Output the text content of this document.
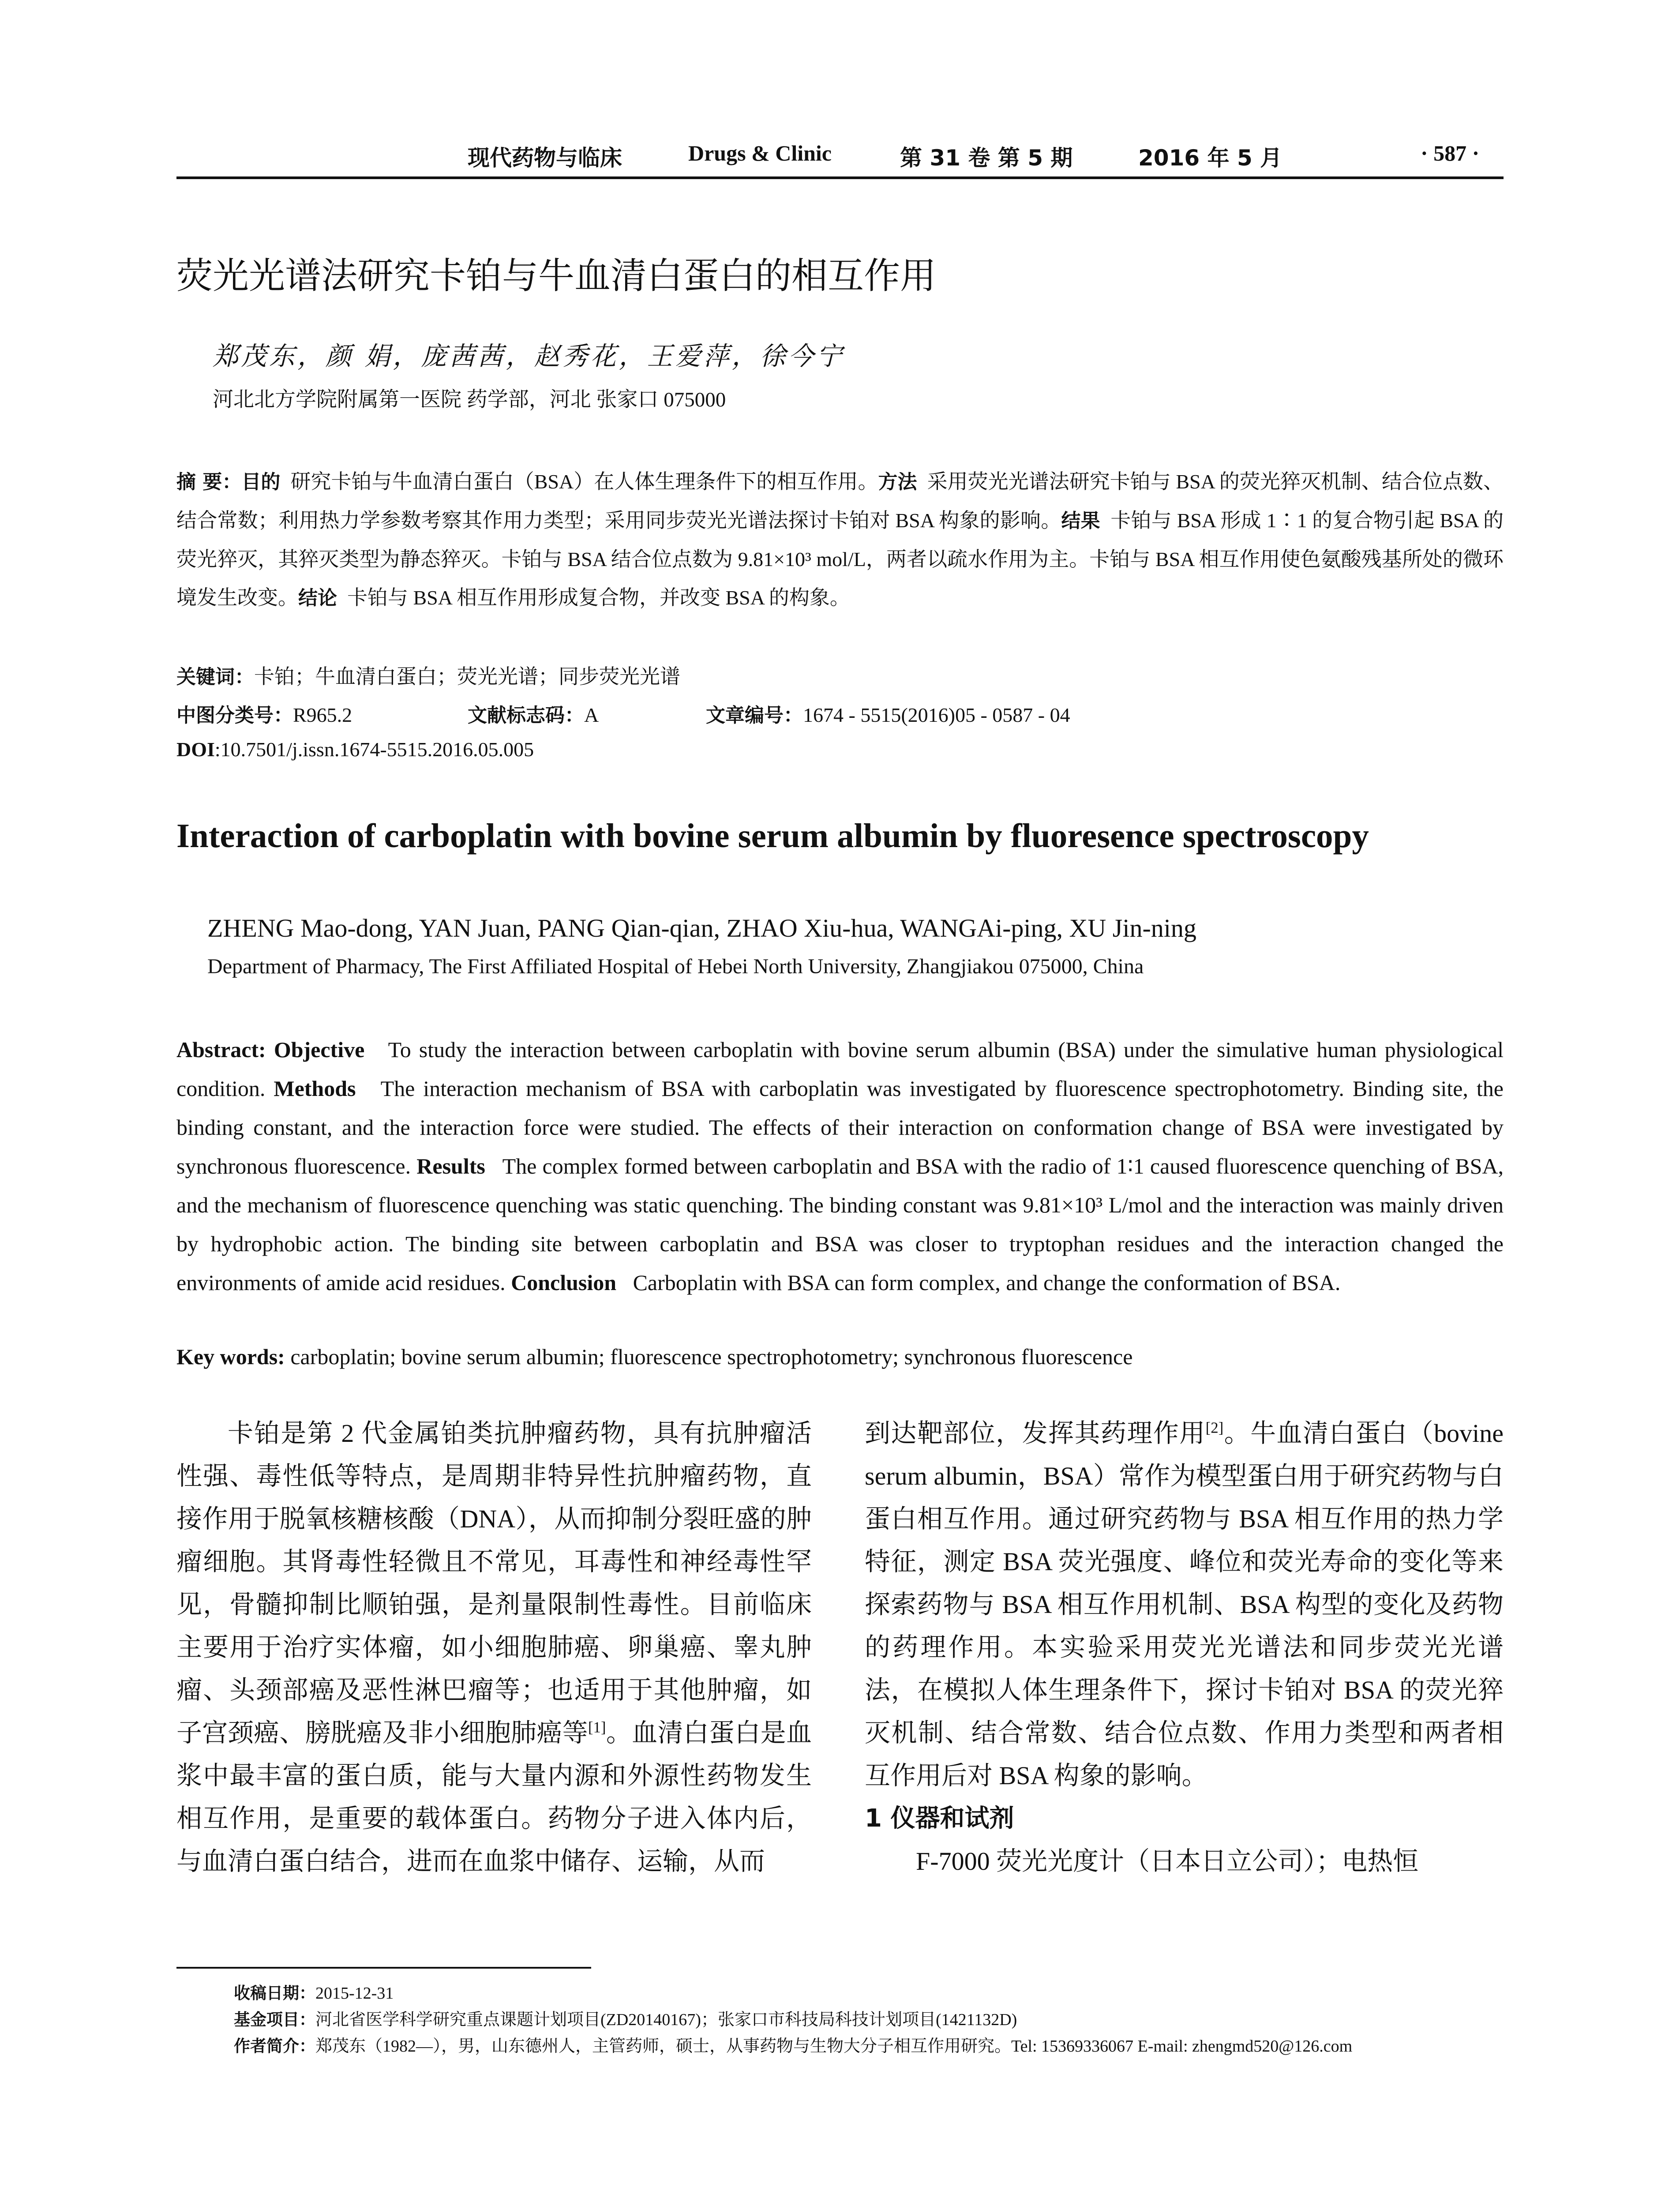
现代药物与临床	Drugs & Clinic	第 31 卷 第 5 期	2016 年 5 月	· 587 ·
荧光光谱法研究卡铂与牛血清白蛋白的相互作用
郑茂东，颜 娟，庞茜茜，赵秀花，王爱萍，徐今宁
河北北方学院附属第一医院 药学部，河北 张家口 075000
摘 要：目的 研究卡铂与牛血清白蛋白（BSA）在人体生理条件下的相互作用。方法 采用荧光光谱法研究卡铂与 BSA 的荧光猝灭机制、结合位点数、结合常数；利用热力学参数考察其作用力类型；采用同步荧光光谱法探讨卡铂对 BSA 构象的影响。结果 卡铂与 BSA 形成 1∶1 的复合物引起 BSA 的荧光猝灭，其猝灭类型为静态猝灭。卡铂与 BSA 结合位点数为 9.81×10³ mol/L，两者以疏水作用为主。卡铂与 BSA 相互作用使色氨酸残基所处的微环境发生改变。结论 卡铂与 BSA 相互作用形成复合物，并改变 BSA 的构象。
关键词：卡铂；牛血清白蛋白；荧光光谱；同步荧光光谱
中图分类号：R965.2	文献标志码：A	文章编号：1674 - 5515(2016)05 - 0587 - 04
DOI:10.7501/j.issn.1674-5515.2016.05.005
Interaction of carboplatin with bovine serum albumin by fluoresence spectroscopy
ZHENG Mao-dong, YAN Juan, PANG Qian-qian, ZHAO Xiu-hua, WANGAi-ping, XU Jin-ning
Department of Pharmacy, The First Affiliated Hospital of Hebei North University, Zhangjiakou 075000, China
Abstract: Objective To study the interaction between carboplatin with bovine serum albumin (BSA) under the simulative human physiological condition. Methods The interaction mechanism of BSA with carboplatin was investigated by fluorescence spectrophotometry. Binding site, the binding constant, and the interaction force were studied. The effects of their interaction on conformation change of BSA were investigated by synchronous fluorescence. Results The complex formed between carboplatin and BSA with the radio of 1∶1 caused fluorescence quenching of BSA, and the mechanism of fluorescence quenching was static quenching. The binding constant was 9.81×10³ L/mol and the interaction was mainly driven by hydrophobic action. The binding site between carboplatin and BSA was closer to tryptophan residues and the interaction changed the environments of amide acid residues. Conclusion Carboplatin with BSA can form complex, and change the conformation of BSA.
Key words: carboplatin; bovine serum albumin; fluorescence spectrophotometry; synchronous fluorescence

卡铂是第 2 代金属铂类抗肿瘤药物，具有抗肿瘤活性强、毒性低等特点，是周期非特异性抗肿瘤药物，直接作用于脱氧核糖核酸（DNA），从而抑制分裂旺盛的肿瘤细胞。其肾毒性轻微且不常见，耳毒性和神经毒性罕见，骨髓抑制比顺铂强，是剂量限制性毒性。目前临床主要用于治疗实体瘤，如小细胞肺癌、卵巢癌、睾丸肿瘤、头颈部癌及恶性淋巴瘤等；也适用于其他肿瘤，如子宫颈癌、膀胱癌及非小细胞肺癌等[1]。血清白蛋白是血浆中最丰富的蛋白质，能与大量内源和外源性药物发生相互作用，是重要的载体蛋白。药物分子进入体内后，与血清白蛋白结合，进而在血浆中储存、运输，从而

到达靶部位，发挥其药理作用[2]。牛血清白蛋白（bovine serum albumin，BSA）常作为模型蛋白用于研究药物与白蛋白相互作用。通过研究药物与 BSA 相互作用的热力学特征，测定 BSA 荧光强度、峰位和荧光寿命的变化等来探索药物与 BSA 相互作用机制、BSA 构型的变化及药物的药理作用。本实验采用荧光光谱法和同步荧光光谱法，在模拟人体生理条件下，探讨卡铂对 BSA 的荧光猝灭机制、结合常数、结合位点数、作用力类型和两者相互作用后对 BSA 构象的影响。

1 仪器和试剂

F-7000 荧光光度计（日本日立公司）；电热恒

收稿日期：2015-12-31
基金项目：河北省医学科学研究重点课题计划项目(ZD20140167)；张家口市科技局科技计划项目(1421132D)
作者简介：郑茂东（1982—），男，山东德州人，主管药师，硕士，从事药物与生物大分子相互作用研究。Tel: 15369336067 E-mail: zhengmd520@126.com
